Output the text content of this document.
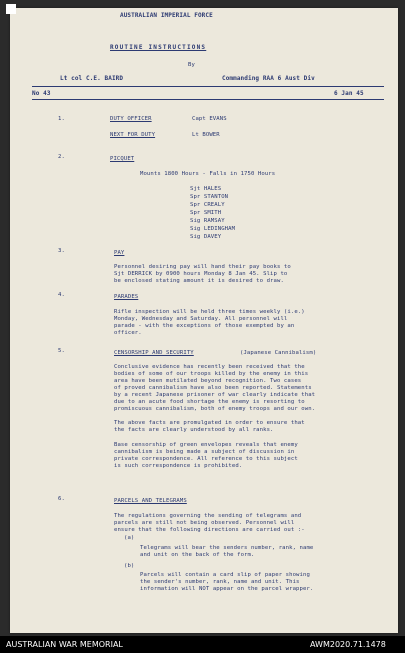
AUSTRALIAN IMPERIAL FORCE
ROUTINE INSTRUCTIONS
By
Lt col C.E. BAIRD	Commanding RAA 6 Aust Div
No 43	6 Jan 45
1.	DUTY OFFICER	Capt EVANS
NEXT FOR DUTY	Lt BOWER
2.	PICQUET
Mounts 1800 Hours - Falls in 1750 Hours
Sjt HALES
Spr STANTON
Spr CREALY
Spr SMITH
Sig RAMSAY
Sig LEDINGHAM
Sig DAVEY
3.	PAY
Personnel desiring pay will hand their pay books to
Sjt DERRICK by 0900 hours Monday 8 Jan 45. Slip to
be enclosed stating amount it is desired to draw.
4.	PARADES
Rifle inspection will be held three times weekly (i.e.)
Monday, Wednesday and Saturday. All personnel will
parade - with the exceptions of those exempted by an
officer.
5.	CENSORSHIP AND SECURITY	(Japanese Cannibalism)
Conclusive evidence has recently been received that the
bodies of some of our troops killed by the enemy in this
area have been mutilated beyond recognition. Two cases
of proved cannibalism have also been reported. Statements
by a recent Japanese prisoner of war clearly indicate that
due to an acute food shortage the enemy is resorting to
promiscuous cannibalism, both of enemy troops and our own.
The above facts are promulgated in order to ensure that
the facts are clearly understood by all ranks.
Base censorship of green envelopes reveals that enemy
cannibalism is being made a subject of discussion in
private correspondence. All reference to this subject
is such correspondence is prohibited.
6.	PARCELS AND TELEGRAMS
The regulations governing the sending of telegrams and
parcels are still not being observed. Personnel will
ensure that the following directions are carried out :-
(a)
Telegrams will bear the senders number, rank, name
and unit on the back of the form.
(b)
Parcels will contain a card slip of paper showing
the sender's number, rank, name and unit. This
information will NOT appear on the parcel wrapper.
AUSTRALIAN WAR MEMORIAL	AWM2020.71.1478
